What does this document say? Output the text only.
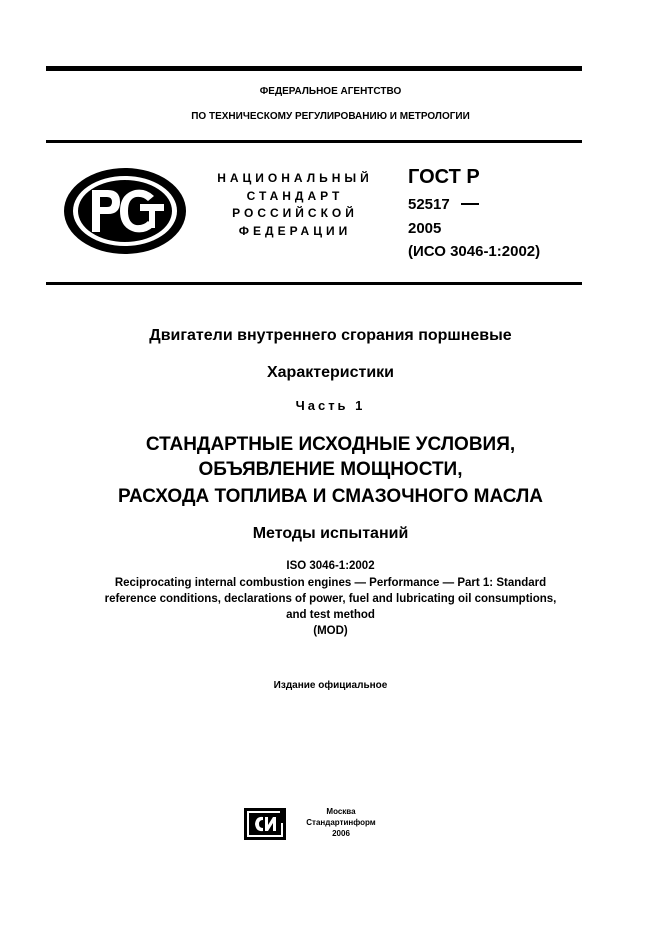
ФЕДЕРАЛЬНОЕ АГЕНТСТВО
ПО ТЕХНИЧЕСКОМУ РЕГУЛИРОВАНИЮ И МЕТРОЛОГИИ
НАЦИОНАЛЬНЫЙ
СТАНДАРТ
РОССИЙСКОЙ
ФЕДЕРАЦИИ
ГОСТ Р
52517
2005
(ИСО 3046-1:2002)
Двигатели внутреннего сгорания поршневые
Характеристики
Часть 1
СТАНДАРТНЫЕ ИСХОДНЫЕ УСЛОВИЯ,
ОБЪЯВЛЕНИЕ МОЩНОСТИ,
РАСХОДА ТОПЛИВА И СМАЗОЧНОГО МАСЛА
Методы испытаний
ISO 3046-1:2002
Reciprocating internal combustion engines — Performance — Part 1: Standard
reference conditions, declarations of power, fuel and lubricating oil consumptions,
and test method
(MOD)
Издание официальное
Москва
Стандартинформ
2006
